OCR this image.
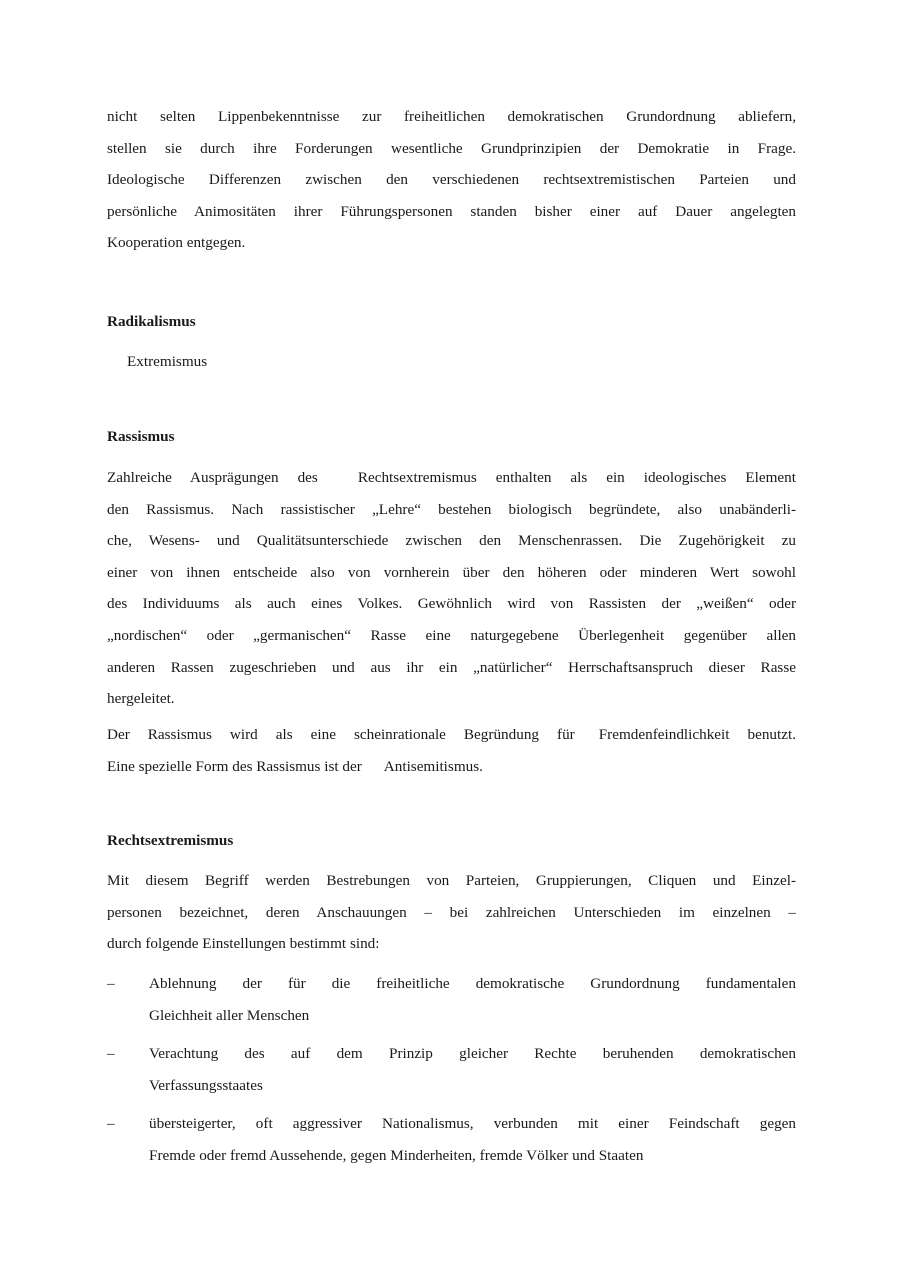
nicht selten Lippenbekenntnisse zur freiheitlichen demokratischen Grundordnung abliefern,
stellen sie durch ihre Forderungen wesentliche Grundprinzipien der Demokratie in Frage.
Ideologische Differenzen zwischen den verschiedenen rechtsextremistischen Parteien und
persönliche Animositäten ihrer Führungspersonen standen bisher einer auf Dauer angelegten
Kooperation entgegen.
Radikalismus
Extremismus
Rassismus
Zahlreiche Ausprägungen des	Rechtsextremismus enthalten als ein ideologisches Element
den Rassismus. Nach rassistischer „Lehre“ bestehen biologisch begründete, also unabänderli-
che, Wesens- und Qualitätsunterschiede zwischen den Menschenrassen. Die Zugehörigkeit zu
einer von ihnen entscheide also von vornherein über den höheren oder minderen Wert sowohl
des Individuums als auch eines Volkes. Gewöhnlich wird von Rassisten der „weißen“ oder
„nordischen“ oder „germanischen“ Rasse eine naturgegebene Überlegenheit gegenüber allen
anderen Rassen zugeschrieben und aus ihr ein „natürlicher“ Herrschaftsanspruch dieser Rasse
hergeleitet.
Der Rassismus wird als eine scheinrationale Begründung für Fremdenfeindlichkeit benutzt.
Eine spezielle Form des Rassismus ist der Antisemitismus.
Rechtsextremismus
Mit diesem Begriff werden Bestrebungen von Parteien, Gruppierungen, Cliquen und Einzel-
personen bezeichnet, deren Anschauungen – bei zahlreichen Unterschieden im einzelnen –
durch folgende Einstellungen bestimmt sind:
–	Ablehnung der für die freiheitliche demokratische Grundordnung fundamentalen
Gleichheit aller Menschen
–	Verachtung des auf dem Prinzip gleicher Rechte beruhenden demokratischen
Verfassungsstaates
–	übersteigerter, oft aggressiver Nationalismus, verbunden mit einer Feindschaft gegen
Fremde oder fremd Aussehende, gegen Minderheiten, fremde Völker und Staaten
